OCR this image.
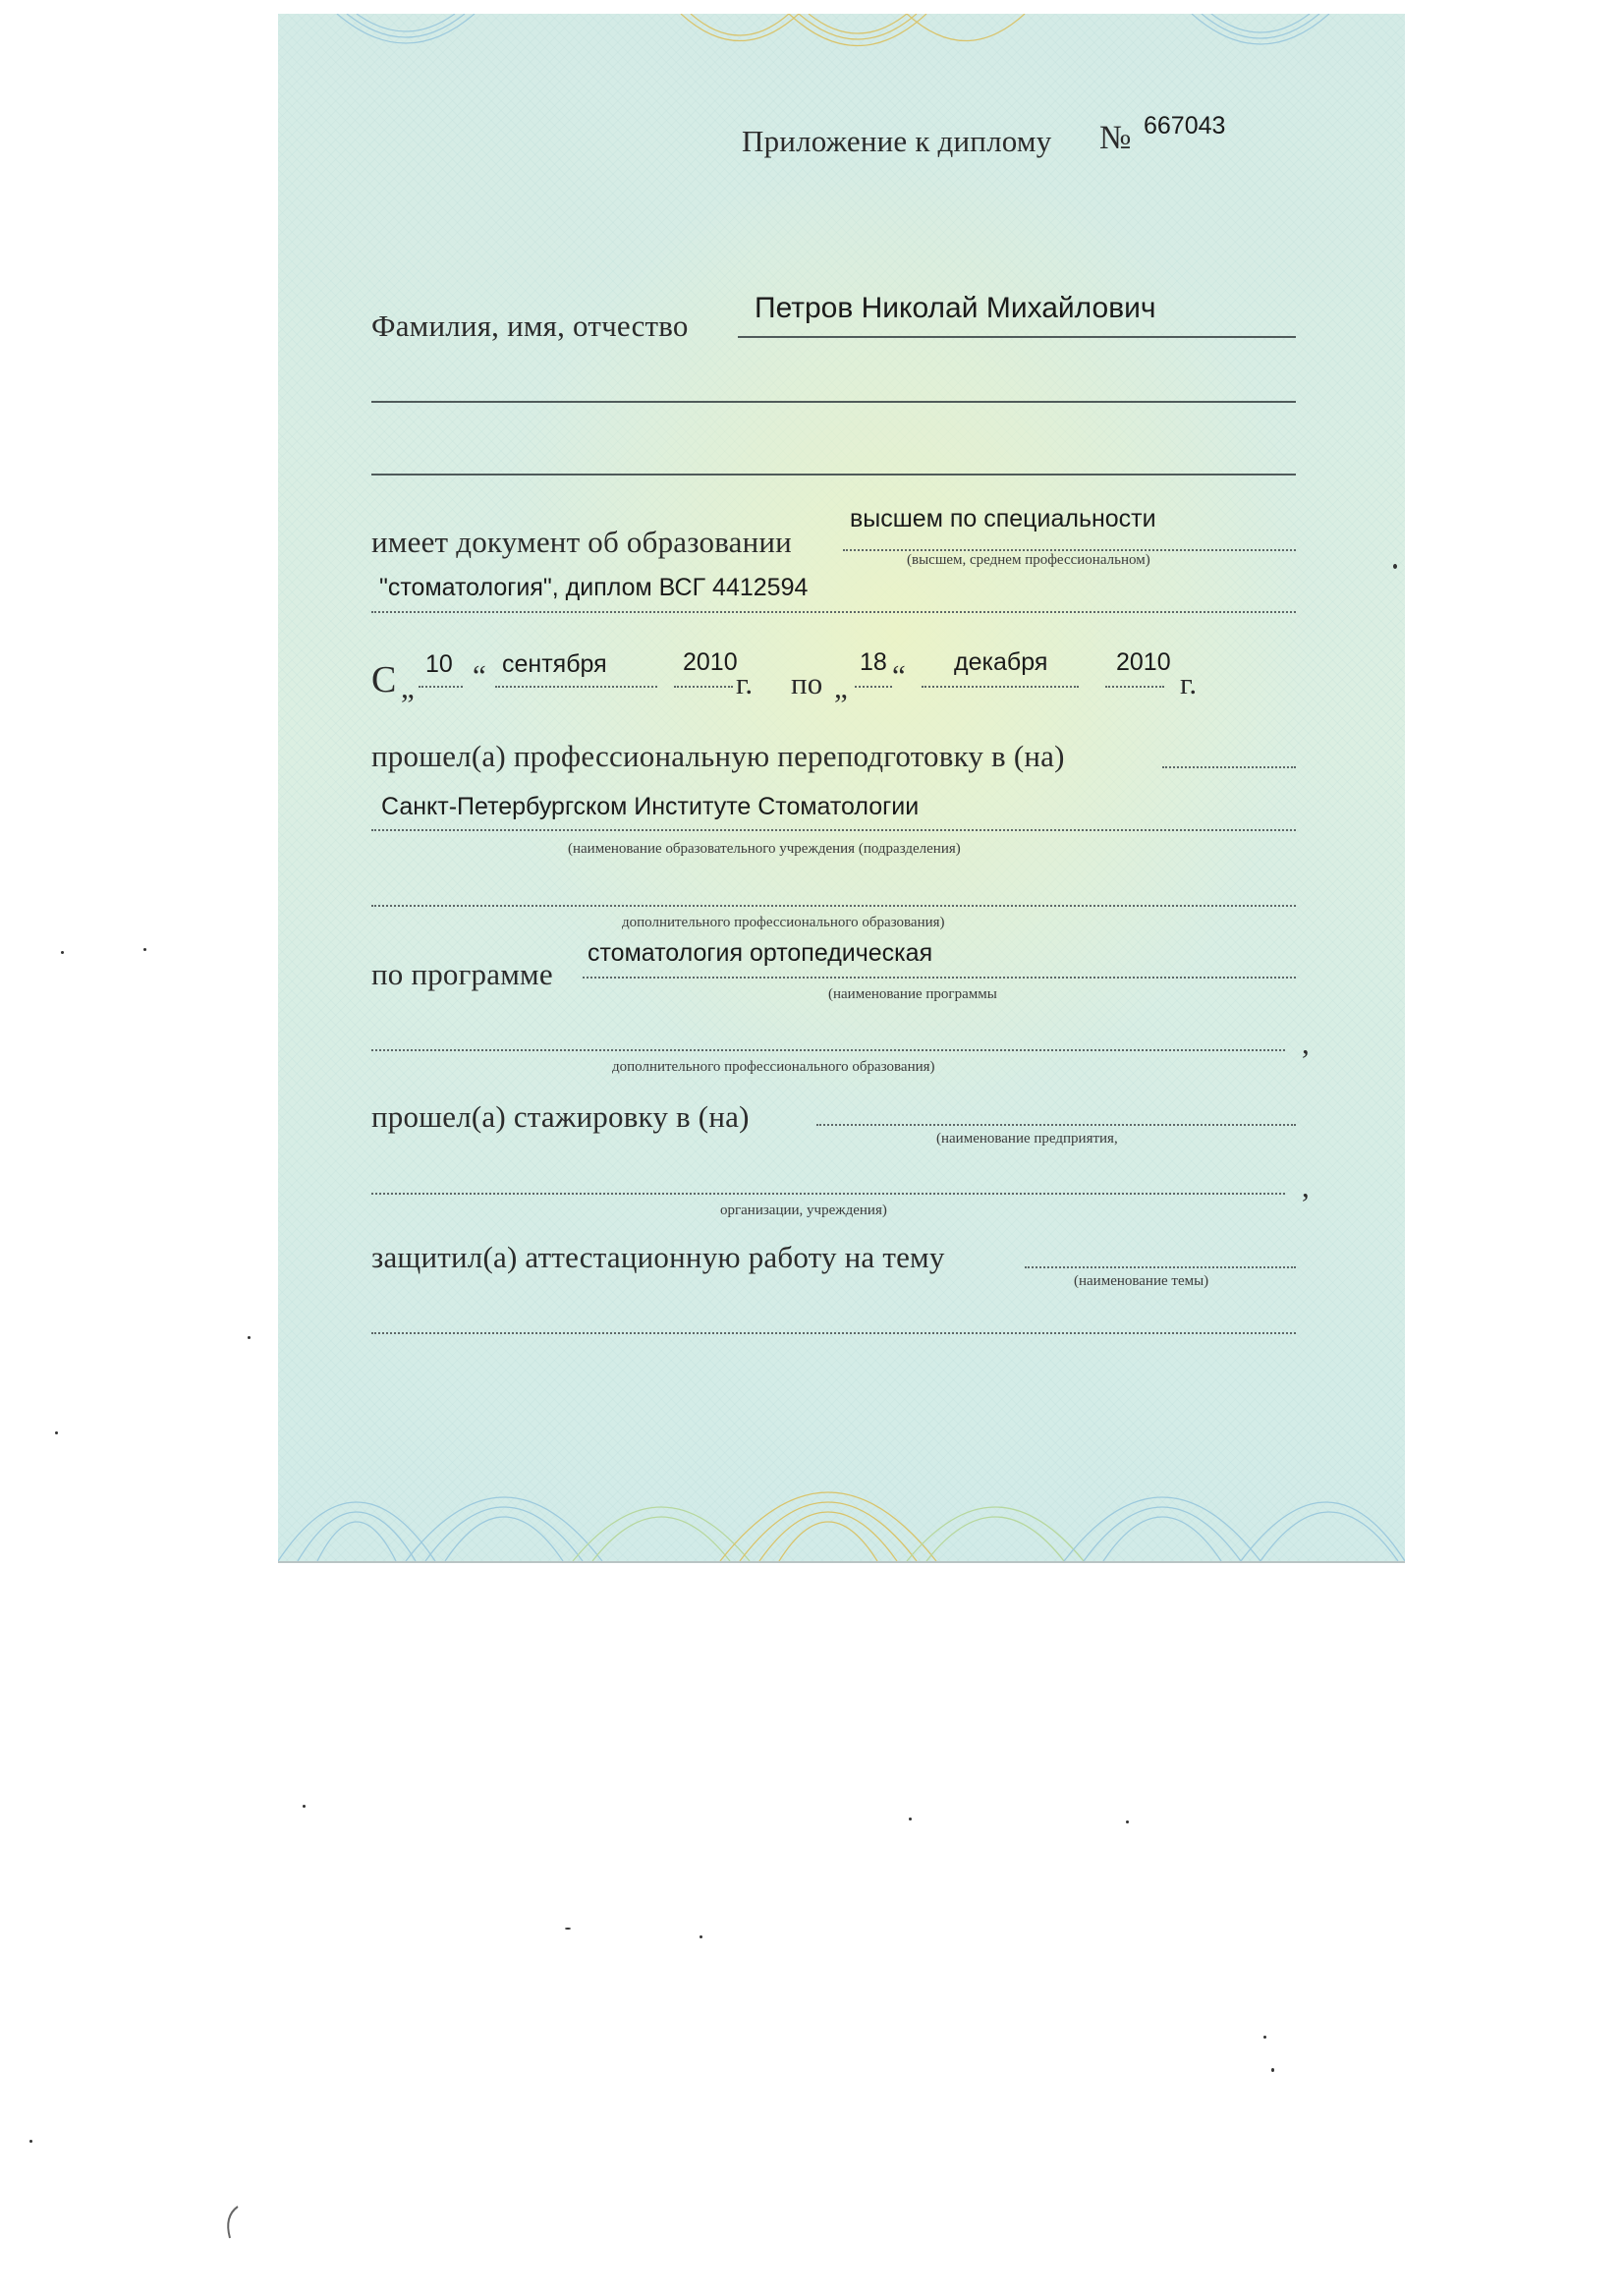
Приложение к диплому № 667043
Фамилия, имя, отчество
Петров Николай Михайлович
имеет документ об образовании
высшем по специальности
(высшем, среднем профессиональном)
"стоматология", диплом ВСГ 4412594
С „
10 “ сентября	2010
г. по „
18 “ декабря	2010
г.
прошел(а) профессиональную переподготовку в (на)
Санкт-Петербургском Институте Стоматологии
(наименование образовательного учреждения (подразделения)
дополнительного профессионального образования)
по программе
стоматология ортопедическая
(наименование программы
,
дополнительного профессионального образования)
прошел(а) стажировку в (на)
(наименование предприятия,
,
организации, учреждения)
защитил(а) аттестационную работу на тему
(наименование темы)
